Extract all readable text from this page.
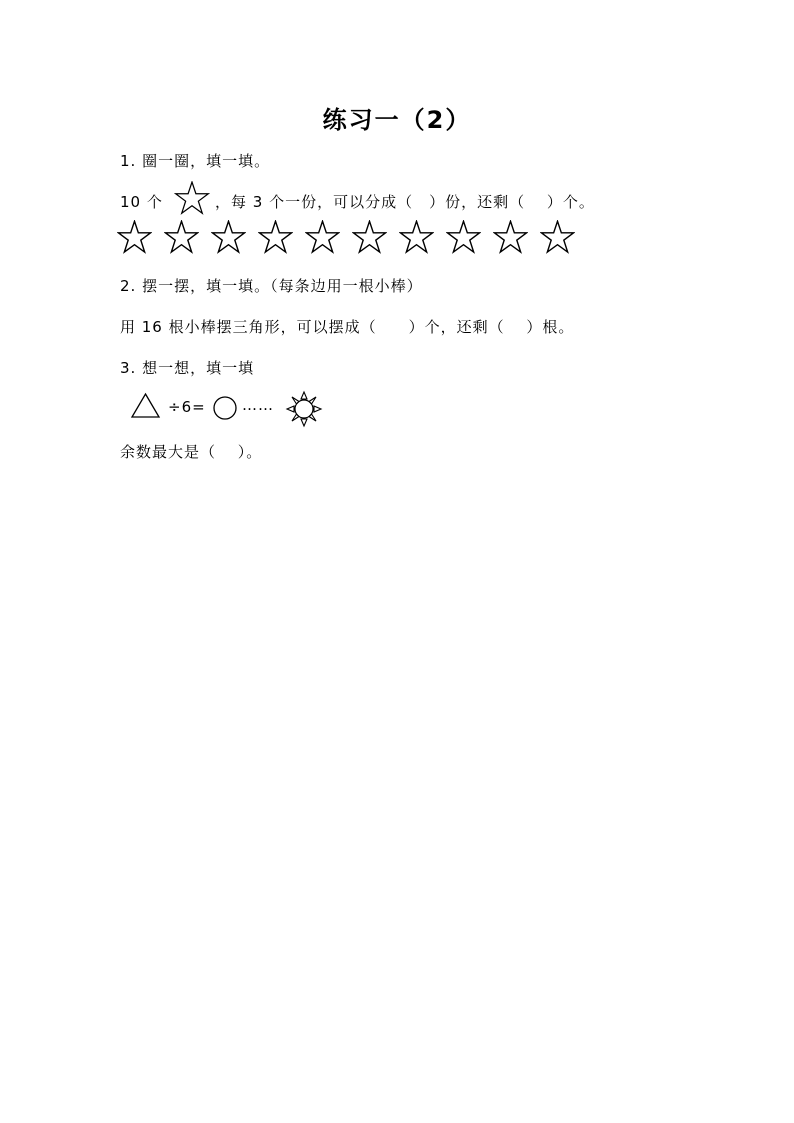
练习一（2）
1. 圈一圈，填一填。
10 个	，每 3 个一份，可以分成（　）份，还剩（　 ）个。
2. 摆一摆，填一填。（每条边用一根小棒）
用 16 根小棒摆三角形，可以摆成（　　）个，还剩（　 ）根。
3. 想一想，填一填
÷6= ……
余数最大是（　 ）。
